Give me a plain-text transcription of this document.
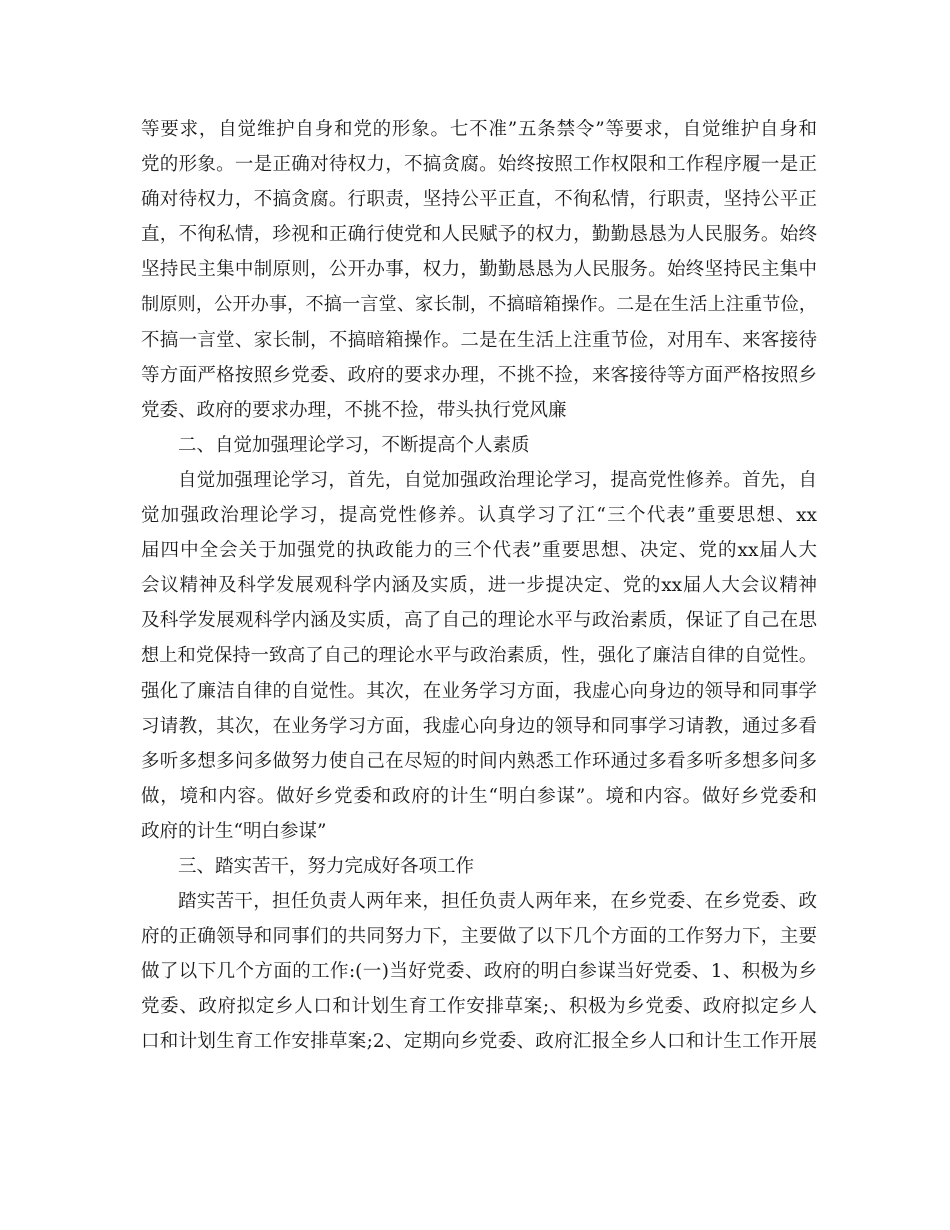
等要求，自觉维护自身和党的形象。七不准”五条禁令”等要求，自觉维护自身和
党的形象。一是正确对待权力，不搞贪腐。始终按照工作权限和工作程序履一是正
确对待权力，不搞贪腐。行职责，坚持公平正直，不徇私情，行职责，坚持公平正
直，不徇私情，珍视和正确行使党和人民赋予的权力，勤勤恳恳为人民服务。始终
坚持民主集中制原则，公开办事，权力，勤勤恳恳为人民服务。始终坚持民主集中
制原则，公开办事，不搞一言堂、家长制，不搞暗箱操作。二是在生活上注重节俭，
不搞一言堂、家长制，不搞暗箱操作。二是在生活上注重节俭，对用车、来客接待
等方面严格按照乡党委、政府的要求办理，不挑不捡，来客接待等方面严格按照乡
党委、政府的要求办理，不挑不捡，带头执行党风廉
二、自觉加强理论学习，不断提高个人素质
自觉加强理论学习，首先，自觉加强政治理论学习，提高党性修养。首先，自
觉加强政治理论学习，提高党性修养。认真学习了江“三个代表”重要思想、xx
届四中全会关于加强党的执政能力的三个代表”重要思想、决定、党的xx届人大
会议精神及科学发展观科学内涵及实质，进一步提决定、党的xx届人大会议精神
及科学发展观科学内涵及实质，高了自己的理论水平与政治素质，保证了自己在思
想上和党保持一致高了自己的理论水平与政治素质，性，强化了廉洁自律的自觉性。
强化了廉洁自律的自觉性。其次，在业务学习方面，我虚心向身边的领导和同事学
习请教，其次，在业务学习方面，我虚心向身边的领导和同事学习请教，通过多看
多听多想多问多做努力使自己在尽短的时间内熟悉工作环通过多看多听多想多问多
做，境和内容。做好乡党委和政府的计生“明白参谋”。境和内容。做好乡党委和
政府的计生“明白参谋”
三、踏实苦干，努力完成好各项工作
踏实苦干，担任负责人两年来，担任负责人两年来，在乡党委、在乡党委、政
府的正确领导和同事们的共同努力下，主要做了以下几个方面的工作努力下，主要
做了以下几个方面的工作:(一)当好党委、政府的明白参谋当好党委、1、积极为乡
党委、政府拟定乡人口和计划生育工作安排草案;、积极为乡党委、政府拟定乡人
口和计划生育工作安排草案;2、定期向乡党委、政府汇报全乡人口和计生工作开展
